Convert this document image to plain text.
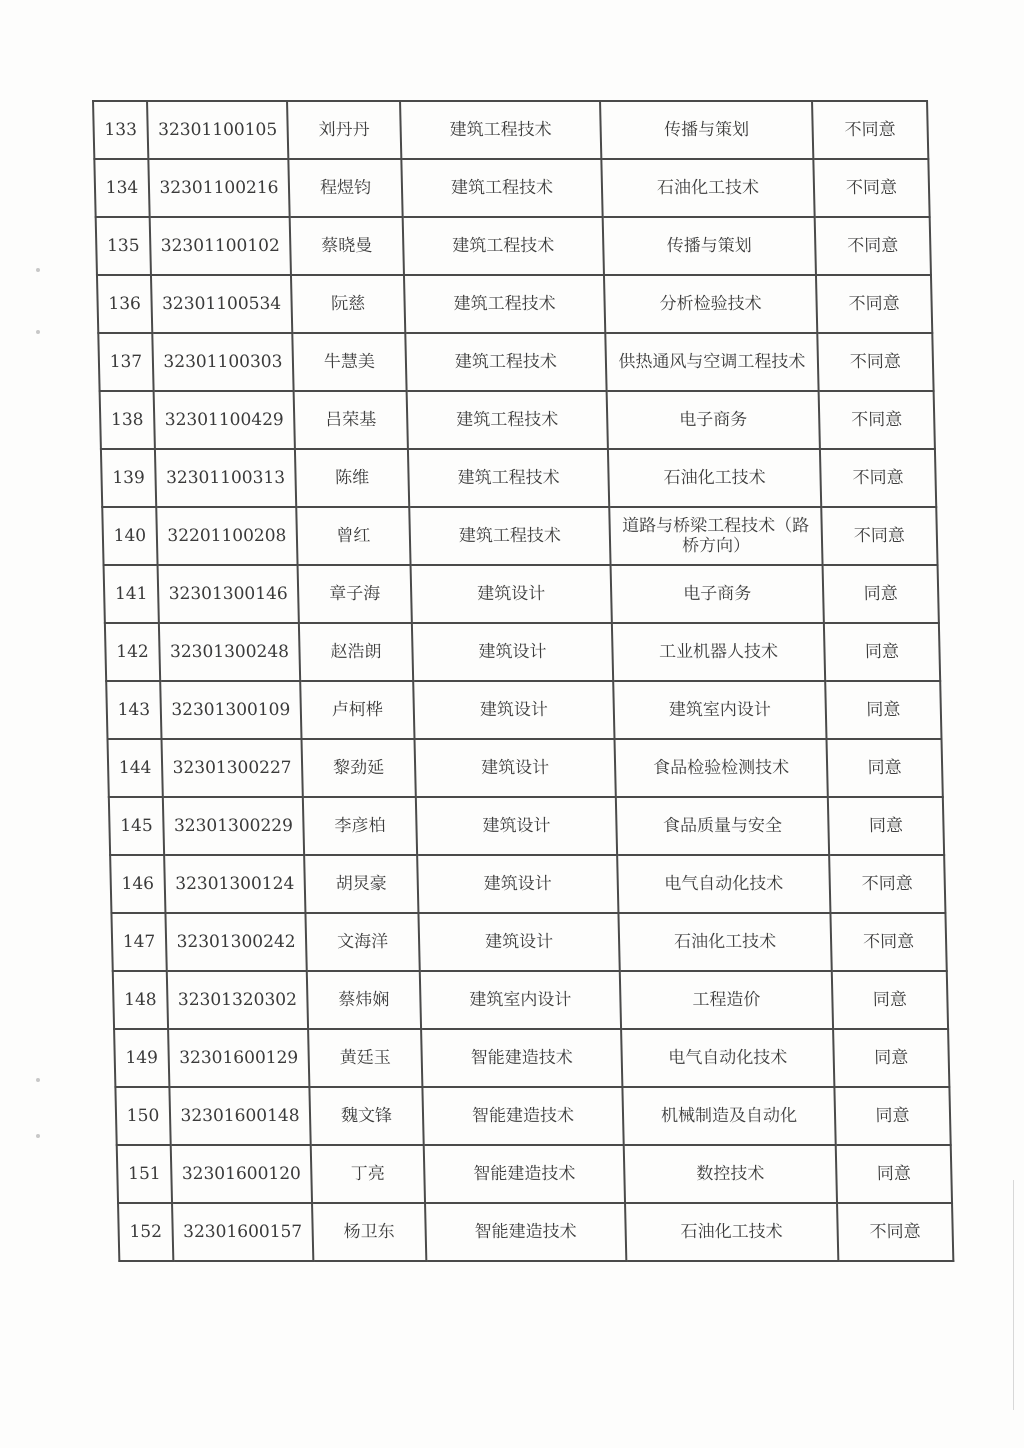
133	32301100105	刘丹丹	建筑工程技术	传播与策划	不同意
134	32301100216	程煜钧	建筑工程技术	石油化工技术	不同意
135	32301100102	蔡晓曼	建筑工程技术	传播与策划	不同意
136	32301100534	阮慈	建筑工程技术	分析检验技术	不同意
137	32301100303	牛慧美	建筑工程技术	供热通风与空调工程技术	不同意
138	32301100429	吕荣基	建筑工程技术	电子商务	不同意
139	32301100313	陈维	建筑工程技术	石油化工技术	不同意
140	32201100208	曾红	建筑工程技术	道路与桥梁工程技术（路桥方向）	不同意
141	32301300146	章子海	建筑设计	电子商务	同意
142	32301300248	赵浩朗	建筑设计	工业机器人技术	同意
143	32301300109	卢柯桦	建筑设计	建筑室内设计	同意
144	32301300227	黎劲延	建筑设计	食品检验检测技术	同意
145	32301300229	李彦柏	建筑设计	食品质量与安全	同意
146	32301300124	胡炅豪	建筑设计	电气自动化技术	不同意
147	32301300242	文海洋	建筑设计	石油化工技术	不同意
148	32301320302	蔡炜娴	建筑室内设计	工程造价	同意
149	32301600129	黄廷玉	智能建造技术	电气自动化技术	同意
150	32301600148	魏文锋	智能建造技术	机械制造及自动化	同意
151	32301600120	丁亮	智能建造技术	数控技术	同意
152	32301600157	杨卫东	智能建造技术	石油化工技术	不同意
